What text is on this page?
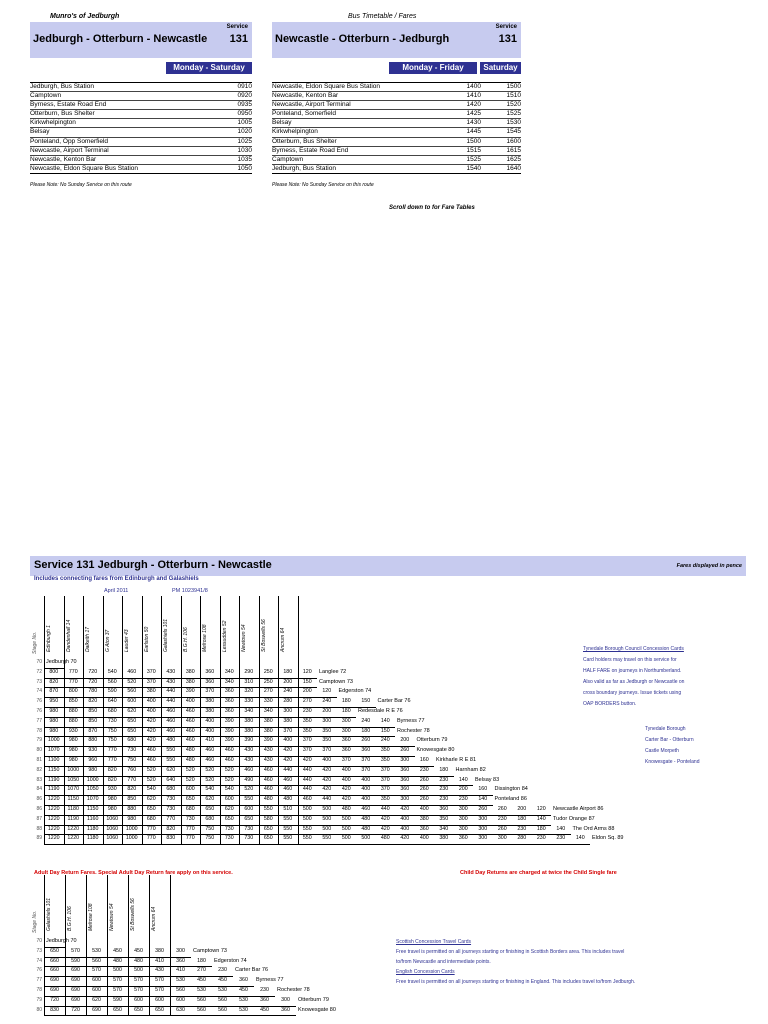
Munro's of Jedburgh	Bus Timetable / Fares
Jedburgh - Otterburn - Newcastle
Service
131 Newcastle - Otterburn - Jedburgh
Service
131
Monday - Saturday	Monday - Friday	Saturday
Jedburgh, Bus Station	0910
Camptown	0920
Byrness, Estate Road End	0935
Otterburn, Bus Shelter	0950
Kirkwhelpington	1005
Belsay	1020
Ponteland, Opp Somerfield	1025
Newcastle, Airport Terminal	1030
Newcastle, Kenton Bar	1035
Newcastle, Eldon Square Bus Station	1050
Newcastle, Eldon Square Bus Station	1400	1500
Newcastle, Kenton Bar	1410	1510
Newcastle, Airport Terminal	1420	1520
Ponteland, Somerfield	1425	1525
Belsay	1430	1530
Kirkwhelpington	1445	1545
Otterburn, Bus Shelter	1500	1600
Byrness, Estate Road End	1515	1615
Camptown	1525	1625
Jedburgh, Bus Station	1540	1640
Please Note: No Sunday Service on this route	Please Note: No Sunday Service on this route
Scroll down to for Fare Tables
Service 131 Jedburgh - Otterburn - Newcastle	Fares displayed in pence
Includes connecting fares from Edinburgh and Galashiels
April 2011	PM 1023941/8
Stage No. Edinburgh 1	Dandenhall 14	Dalkeith 17	G Aton 37	Lauder 43	Earlston 50	Galashiels 101	B.G.H. 106	Melrose 108	Lessudden 52	Newtown 54	St Boswells 56	Ancrum 64
70 Jedburgh 70
72	800	770	720	540	460	370	430	380	360	340	290	250	180	120	Langlee 72
73	820	770	720	560	520	370	430	380	360	340	310	250	200	150	Camptown 73
74	870	800	780	590	560	380	440	390	370	360	320	270	240	200	120	Edgerston 74
76	950	850	820	640	600	400	440	400	380	360	330	330	280	270	240	180	150	Carter Bar 76
76	980	880	850	680	620	400	460	460	380	360	340	340	300	230	200	180	Redesdale R E 76
77	980	880	850	730	650	420	460	460	400	390	380	380	380	350	300	300	240	140	Byrness 77
78	980	930	870	750	650	420	460	460	400	390	380	380	370	350	350	300	180	150	Rochester 78
79	1000	980	880	750	680	420	480	460	410	390	390	390	400	370	350	360	260	240	200	Otterburn 79
80	1070	980	930	770	730	460	550	480	460	460	430	430	420	370	370	360	360	350	260	Knowesgate 80
81	1100	980	960	770	750	460	550	480	460	460	430	430	420	420	400	370	370	350	300	160	Kirkharle R E 81
82	1150	1000	980	820	760	520	620	520	520	520	460	460	440	440	420	400	370	370	360	230	180	Harnham 82
83	1190	1050	1000	820	770	520	640	520	520	520	490	460	460	440	420	400	400	370	360	260	230	140	Belsay 83
84	1190	1070	1050	930	820	540	680	600	540	540	520	460	460	440	420	420	400	370	360	260	230	200	160	Dissington 84
86	1220	1150	1070	980	850	620	730	650	620	600	550	480	480	460	440	420	400	350	300	260	230	230	140	Ponteland 86
86	1220	1180	1150	980	880	650	730	680	650	620	600	550	510	500	500	480	460	440	420	400	360	300	260	260	200	120	Newcastle Airport 86
87	1220	1190	1160	1060	980	680	770	730	680	650	650	580	550	500	500	500	480	420	400	380	350	300	300	230	180	140	Tudor Orange 87
88	1220	1220	1180	1060	1000	770	820	770	750	730	730	650	550	550	500	500	480	420	400	360	340	300	300	260	230	180	140	The Ord Arms 88
89	1220	1220	1180	1060	1000	770	830	770	750	730	730	650	550	550	550	500	500	480	420	400	380	360	300	300	280	230	230	140	Eldon Sq. 89
Tynedale Borough Council Concession Cards
Card holders may travel on this service for
HALF FARE on journeys in Northumberland.
Also valid as far as Jedburgh or Newcastle on
cross boundary journeys. Issue tickets using
OAP BORDERS button.
Tynedale Borough
Carter Bar - Otterburn
Castle Morpeth
Knowesgate - Ponteland
Adult Day Return Fares. Special Adult Day Return fare apply on this service.	Child Day Returns are charged at twice the Child Single fare
Stage No. Galashiels 101	B.G.H. 106	Melrose 108	Newtown 54	St Boswells 56	Ancrum 64
70 Jedburgh 70
73	650	570	530	450	450	380	300	Camptown 73
74	660	590	560	480	480	410	360	180	Edgerston 74
76	660	690	570	500	500	430	410	270	230	Carter Bar 76
77	690	690	600	570	570	570	530	450	450	360	Byrness 77
78	690	690	600	570	570	570	560	530	530	450	230	Rochester 78
79	720	690	620	590	600	600	600	560	560	530	360	300	Otterburn 79
80	830	720	690	650	650	650	630	560	560	530	450	360	Knowesgate 80
Scottish Concession Travel Cards
Free travel is permitted on all journeys starting or finishing in Scottish Borders area. This includes travel
to/from Newcastle and intermediate points.
English Concession Cards
Free travel is permitted on all journeys starting or finishing in England. This includes travel to/from Jedburgh.
